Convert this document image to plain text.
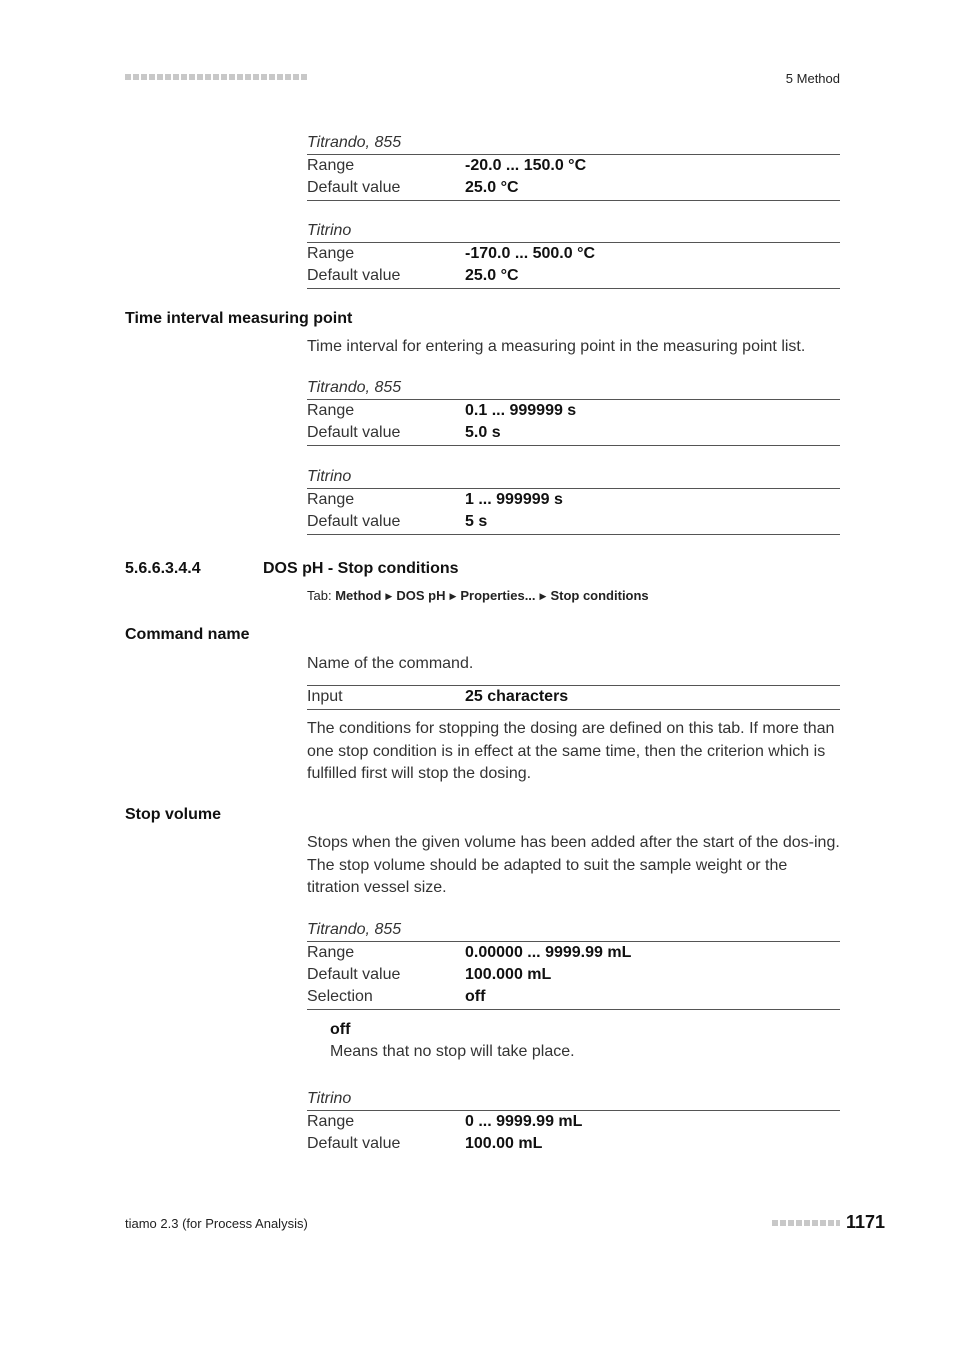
5 Method
Titrando, 855
Range	-20.0 ... 150.0 °C
Default value	25.0 °C
Titrino
Range	-170.0 ... 500.0 °C
Default value	25.0 °C
Time interval measuring point
Time interval for entering a measuring point in the measuring point list.
Titrando, 855
Range	0.1 ... 999999 s
Default value	5.0 s
Titrino
Range	1 ... 999999 s
Default value	5 s
5.6.6.3.4.4	DOS pH - Stop conditions
Tab: Method ▶ DOS pH ▶ Properties... ▶ Stop conditions
Command name
Name of the command.
Input	25 characters
The conditions for stopping the dosing are defined on this tab. If more than one stop condition is in effect at the same time, then the criterion which is fulfilled first will stop the dosing.
Stop volume
Stops when the given volume has been added after the start of the dos-ing. The stop volume should be adapted to suit the sample weight or the titration vessel size.
Titrando, 855
Range	0.00000 ... 9999.99 mL
Default value	100.000 mL
Selection	off
off
Means that no stop will take place.
Titrino
Range	0 ... 9999.99 mL
Default value	100.00 mL
tiamo 2.3 (for Process Analysis)	1171
